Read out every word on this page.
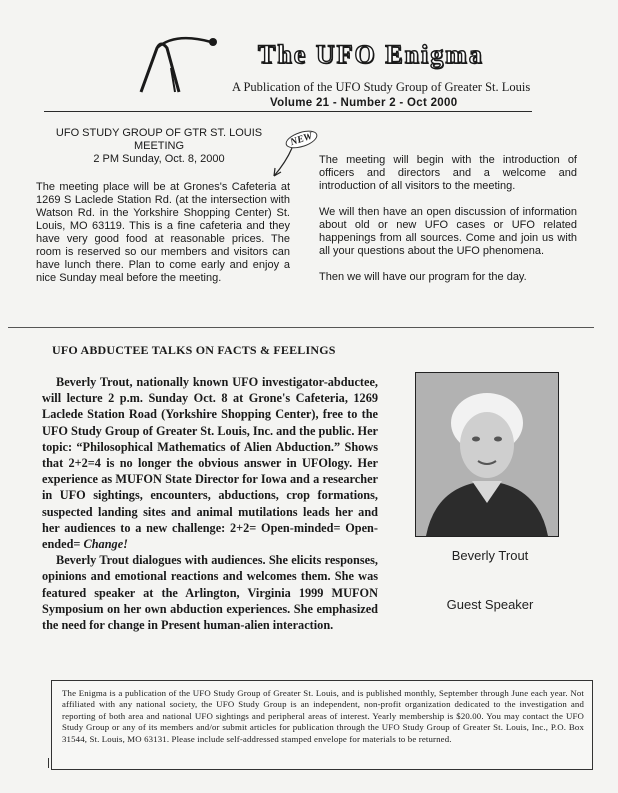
The UFO Enigma
A Publication of the UFO Study Group of Greater St. Louis
Volume 21 - Number 2 - Oct 2000
UFO STUDY GROUP OF GTR ST. LOUIS
MEETING
2 PM Sunday, Oct. 8, 2000
NEW

The meeting place will be at Grones's Cafeteria at 1269 S Laclede Station Rd. (at the intersection with Watson Rd. in the Yorkshire Shopping Center) St. Louis, MO 63119. This is a fine cafeteria and they have very good food at reasonable prices. The room is reserved so our members and visitors can have lunch there. Plan to come early and enjoy a nice Sunday meal before the meeting.

The meeting will begin with the introduction of officers and directors and a welcome and introduction of all visitors to the meeting.

We will then have an open discussion of information about old or new UFO cases or UFO related happenings from all sources. Come and join us with all your questions about the UFO phenomena.

Then we will have our program for the day.

UFO ABDUCTEE TALKS ON FACTS & FEELINGS

Beverly Trout, nationally known UFO investigator-abductee, will lecture 2 p.m. Sunday Oct. 8 at Grone's Cafeteria, 1269 Laclede Station Road (Yorkshire Shopping Center), free to the UFO Study Group of Greater St. Louis, Inc. and the public. Her topic: “Philosophical Mathematics of Alien Abduction.” Shows that 2+2=4 is no longer the obvious answer in UFOlogy. Her experience as MUFON State Director for Iowa and a researcher in UFO sightings, encounters, abductions, crop formations, suspected landing sites and animal mutilations leads her and her audiences to a new challenge: 2+2= Open-minded= Open-ended= Change!

Beverly Trout dialogues with audiences. She elicits responses, opinions and emotional reactions and welcomes them. She was featured speaker at the Arlington, Virginia 1999 MUFON Symposium on her own abduction experiences. She emphasized the need for change in Present human-alien interaction.

Beverly Trout
Guest Speaker
The Enigma is a publication of the UFO Study Group of Greater St. Louis, and is published monthly, September through June each year. Not affiliated with any national society, the UFO Study Group is an independent, non-profit organization dedicated to the investigation and reporting of both area and national UFO sightings and peripheral areas of interest. Yearly membership is $20.00. You may contact the UFO Study Group or any of its members and/or submit articles for publication through the UFO Study Group of Greater St. Louis, Inc., P.O. Box 31544, St. Louis, MO 63131. Please include self-addressed stamped envelope for materials to be returned.
